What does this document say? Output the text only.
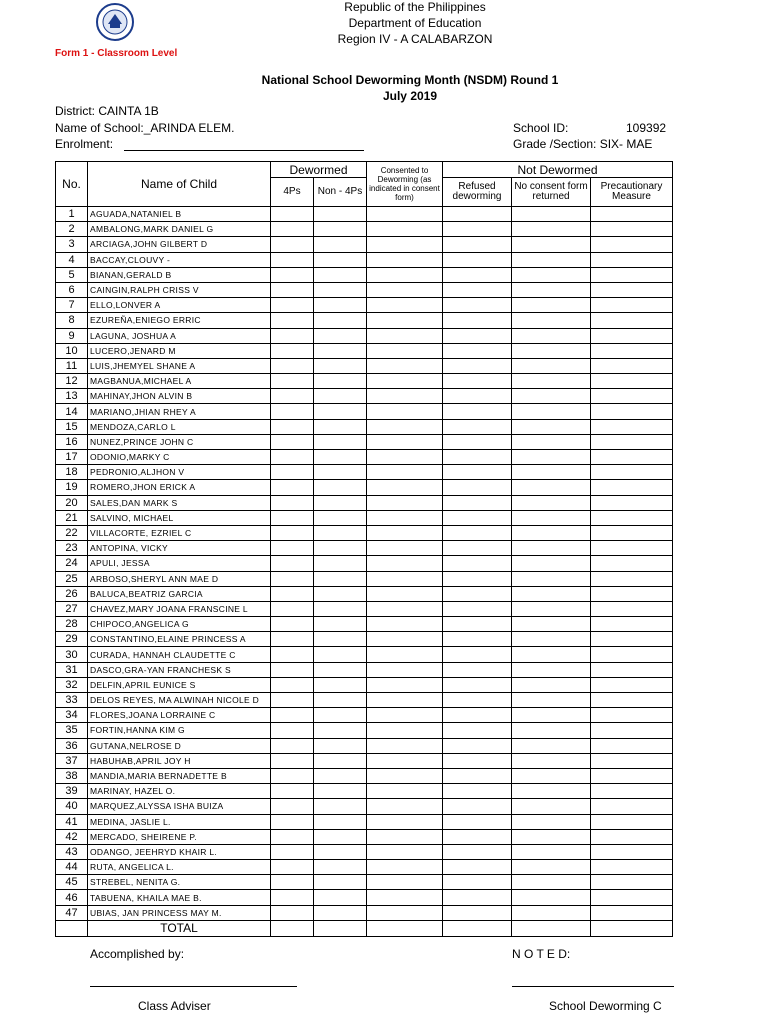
Republic of the Philippines
Department of Education
Region IV - A CALABARZON
Form 1 - Classroom Level
National School Deworming Month (NSDM) Round 1
July 2019
District: CAINTA 1B
Name of School:_ARINDA ELEM.
Enrolment:
School ID:	109392
Grade /Section: SIX- MAE
No.	Name of Child	Dewormed		Consented to Deworming (as indicated in consent form)	Not Dewormed		
		4Ps	Non - 4Ps		Refused deworming	No consent form returned	Precautionary Measure
1	AGUADA,NATANIEL B						
2	AMBALONG,MARK DANIEL G						
3	ARCIAGA,JOHN GILBERT D						
4	BACCAY,CLOUVY -						
5	BIANAN,GERALD B						
6	CAINGIN,RALPH CRISS V						
7	ELLO,LONVER A						
8	EZUREÑA,ENIEGO ERRIC						
9	LAGUNA, JOSHUA A						
10	LUCERO,JENARD M						
11	LUIS,JHEMYEL SHANE A						
12	MAGBANUA,MICHAEL A						
13	MAHINAY,JHON ALVIN B						
14	MARIANO,JHIAN RHEY A						
15	MENDOZA,CARLO L						
16	NUNEZ,PRINCE JOHN C						
17	ODONIO,MARKY C						
18	PEDRONIO,ALJHON V						
19	ROMERO,JHON ERICK A						
20	SALES,DAN MARK S						
21	SALVINO, MICHAEL						
22	VILLACORTE, EZRIEL C						
23	ANTOPINA, VICKY						
24	APULI, JESSA						
25	ARBOSO,SHERYL ANN MAE D						
26	BALUCA,BEATRIZ GARCIA						
27	CHAVEZ,MARY JOANA FRANSCINE L						
28	CHIPOCO,ANGELICA G						
29	CONSTANTINO,ELAINE PRINCESS A						
30	CURADA, HANNAH CLAUDETTE C						
31	DASCO,GRA-YAN FRANCHESK S						
32	DELFIN,APRIL EUNICE S						
33	DELOS REYES, MA ALWINAH NICOLE D						
34	FLORES,JOANA LORRAINE C						
35	FORTIN,HANNA KIM G						
36	GUTANA,NELROSE D						
37	HABUHAB,APRIL JOY H						
38	MANDIA,MARIA BERNADETTE B						
39	MARINAY, HAZEL O.						
40	MARQUEZ,ALYSSA ISHA BUIZA						
41	MEDINA, JASLIE L.						
42	MERCADO, SHEIRENE P.						
43	ODANGO, JEEHRYD KHAIR L.						
44	RUTA, ANGELICA L.						
45	STREBEL, NENITA G.						
46	TABUENA, KHAILA MAE B.						
47	UBIAS, JAN PRINCESS MAY M.						
	TOTAL						
Accomplished by:	N O T E D:
Class Adviser	School Deworming C
